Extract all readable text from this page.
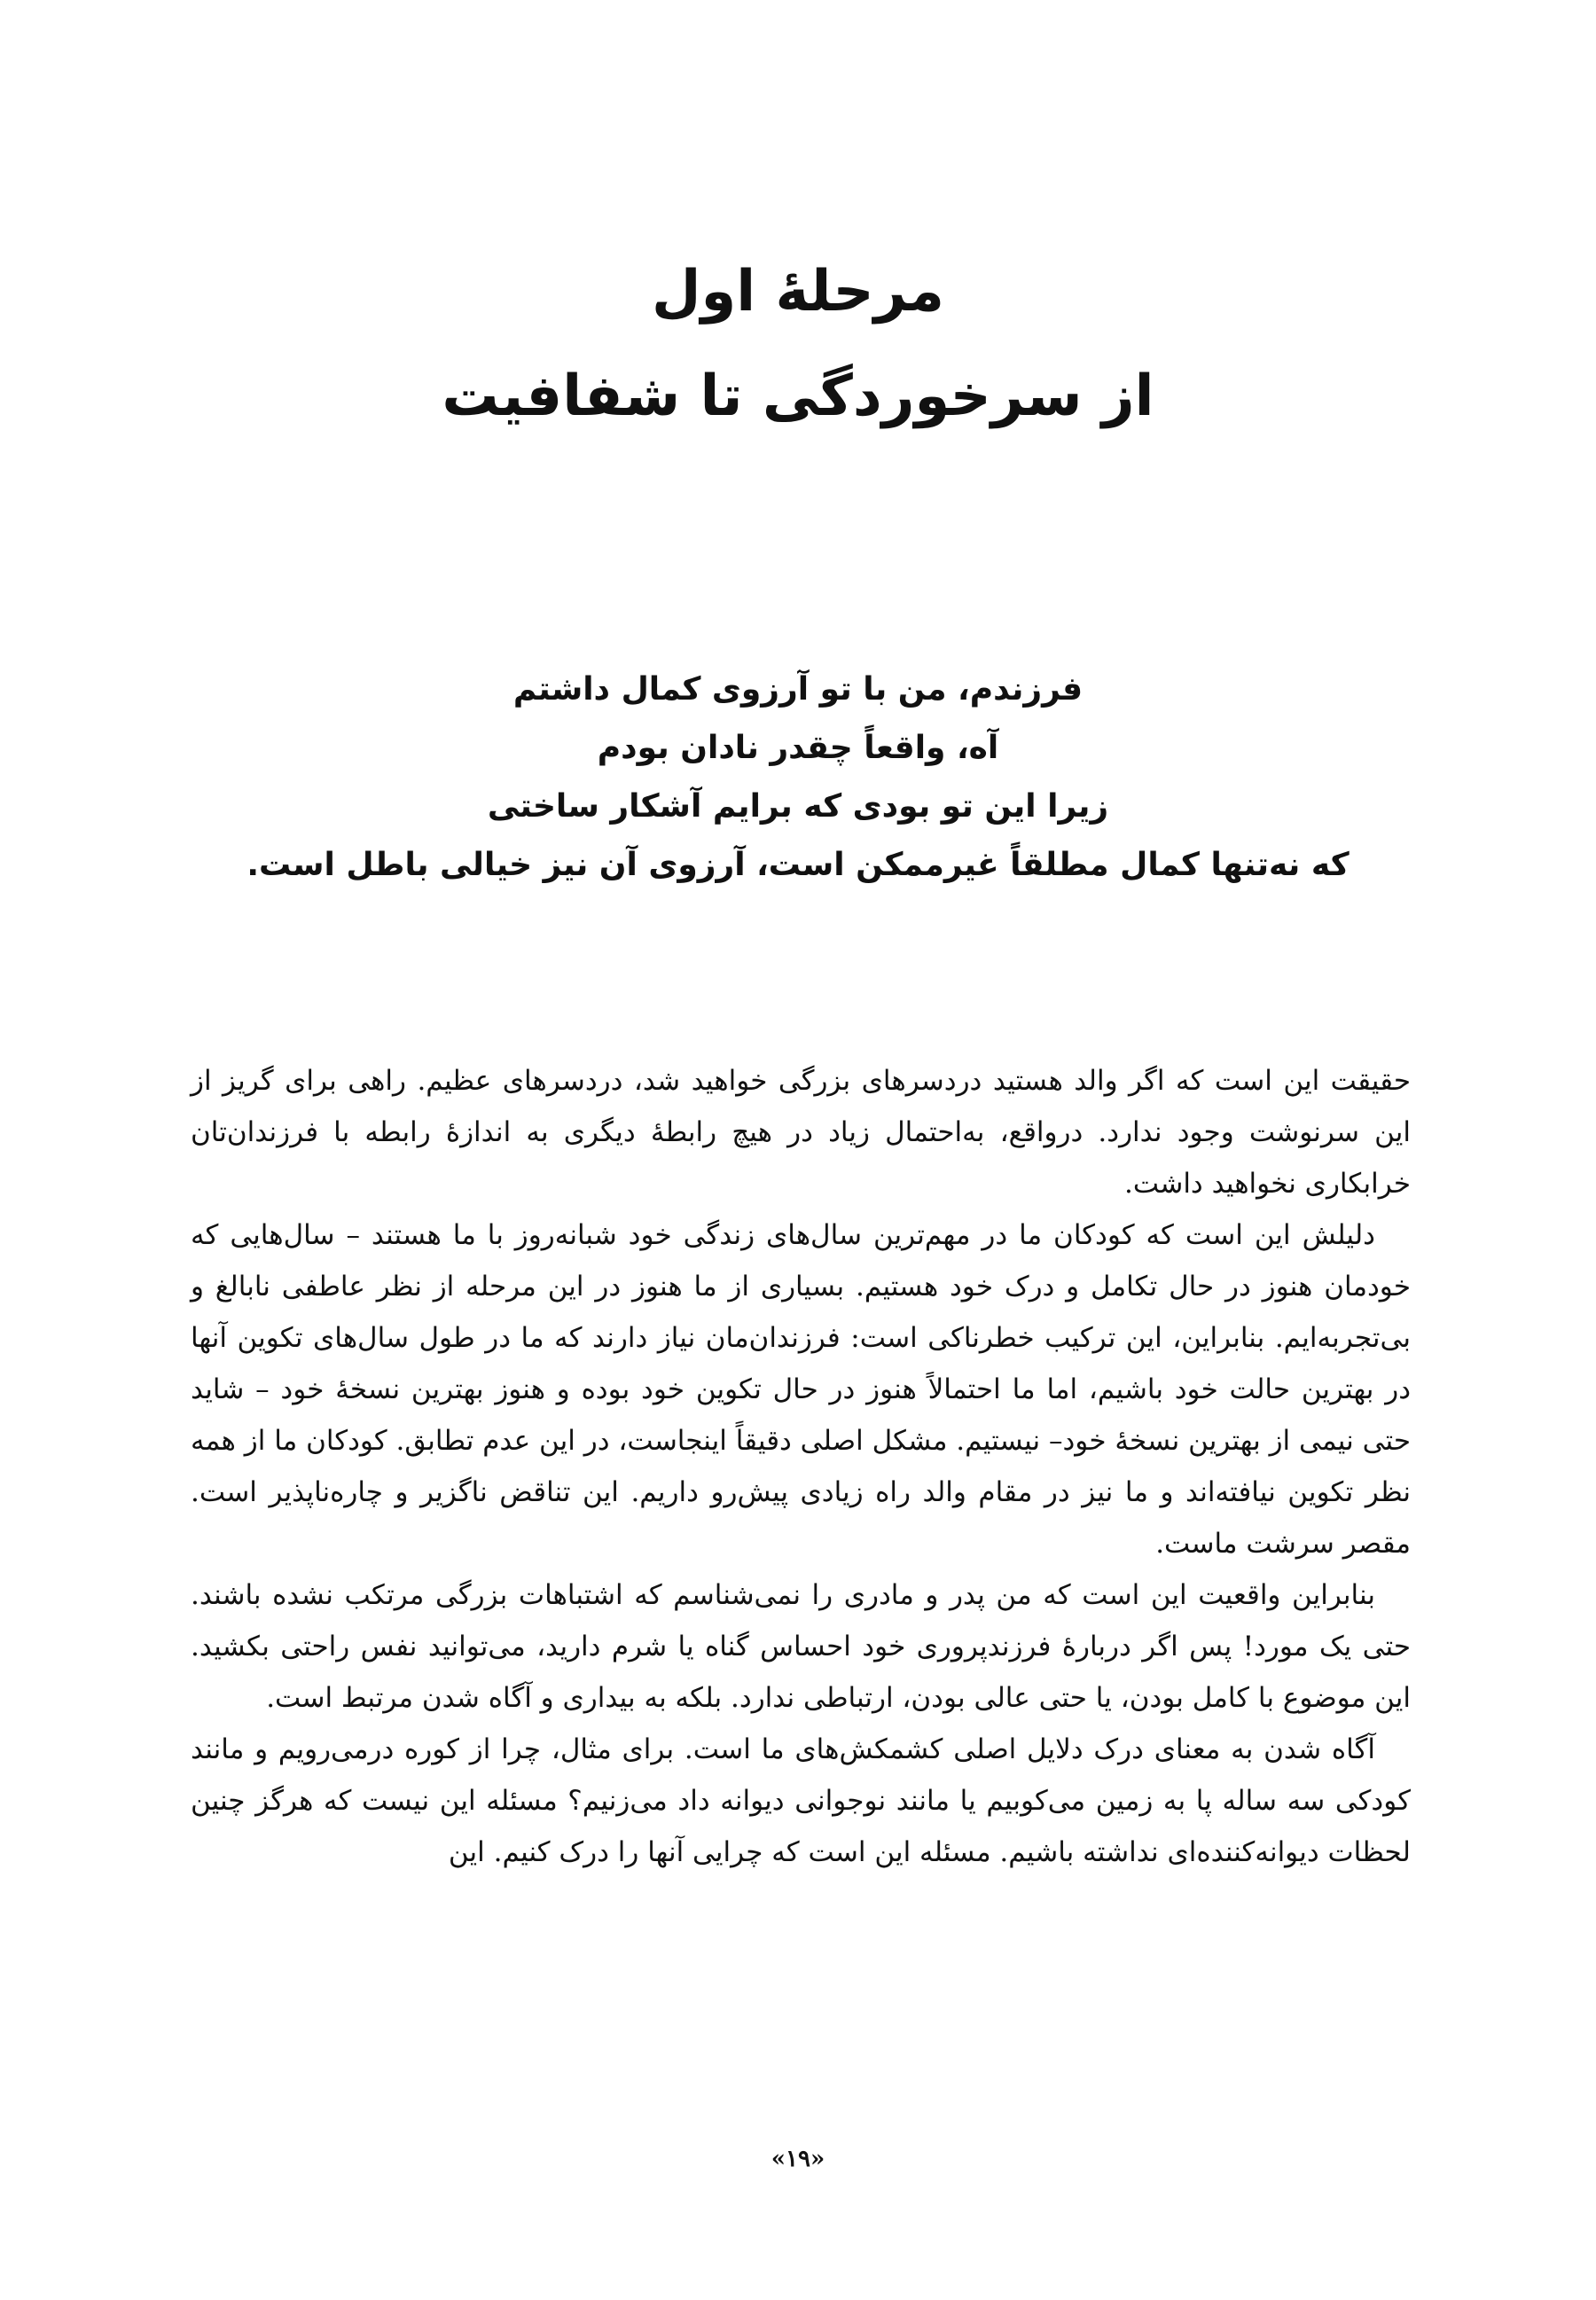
مرحلهٔ اول
از سرخوردگی تا شفافیت
فرزندم، من با تو آرزوی کمال داشتم
آه، واقعاً چقدر نادان بودم
زیرا این تو بودی که برایم آشکار ساختی
که نه‌تنها کمال مطلقاً غیرممکن است، آرزوی آن نیز خیالی باطل است.

حقیقت این است که اگر والد هستید دردسرهای بزرگی خواهید شد، دردسرهای عظیم. راهی برای گریز از این سرنوشت وجود ندارد. درواقع، به‌احتمال زیاد در هیچ رابطهٔ دیگری به اندازهٔ رابطه با فرزندان‌تان خرابکاری نخواهید داشت.

دلیلش این است که کودکان ما در مهم‌ترین سال‌های زندگی خود شبانه‌روز با ما هستند – سال‌هایی که خودمان هنوز در حال تکامل و درک خود هستیم. بسیاری از ما هنوز در این مرحله از نظر عاطفی نابالغ و بی‌تجربه‌ایم. بنابراین، این ترکیب خطرناکی است: فرزندان‌مان نیاز دارند که ما در طول سال‌های تکوین آنها در بهترین حالت خود باشیم، اما ما احتمالاً هنوز در حال تکوین خود بوده و هنوز بهترین نسخهٔ خود – شاید حتی نیمی از بهترین نسخهٔ خود– نیستیم. مشکل اصلی دقیقاً اینجاست، در این عدم تطابق. کودکان ما از همه نظر تکوین نیافته‌اند و ما نیز در مقام والد راه زیادی پیش‌رو داریم. این تناقض ناگزیر و چاره‌ناپذیر است. مقصر سرشت ماست.

بنابراین واقعیت این است که من پدر و مادری را نمی‌شناسم که اشتباهات بزرگی مرتکب نشده باشند. حتی یک مورد! پس اگر دربارهٔ فرزندپروری خود احساس گناه یا شرم دارید، می‌توانید نفس راحتی بکشید. این موضوع با کامل بودن، یا حتی عالی بودن، ارتباطی ندارد. بلکه به بیداری و آگاه شدن مرتبط است.

آگاه شدن به معنای درک دلایل اصلی کشمکش‌های ما است. برای مثال، چرا از کوره درمی‌رویم و مانند کودکی سه ساله پا به زمین می‌کوبیم یا مانند نوجوانی دیوانه داد می‌زنیم؟ مسئله این نیست که هرگز چنین لحظات دیوانه‌کننده‌ای نداشته باشیم. مسئله این است که چرایی آنها را درک کنیم. این

«۱۹»
